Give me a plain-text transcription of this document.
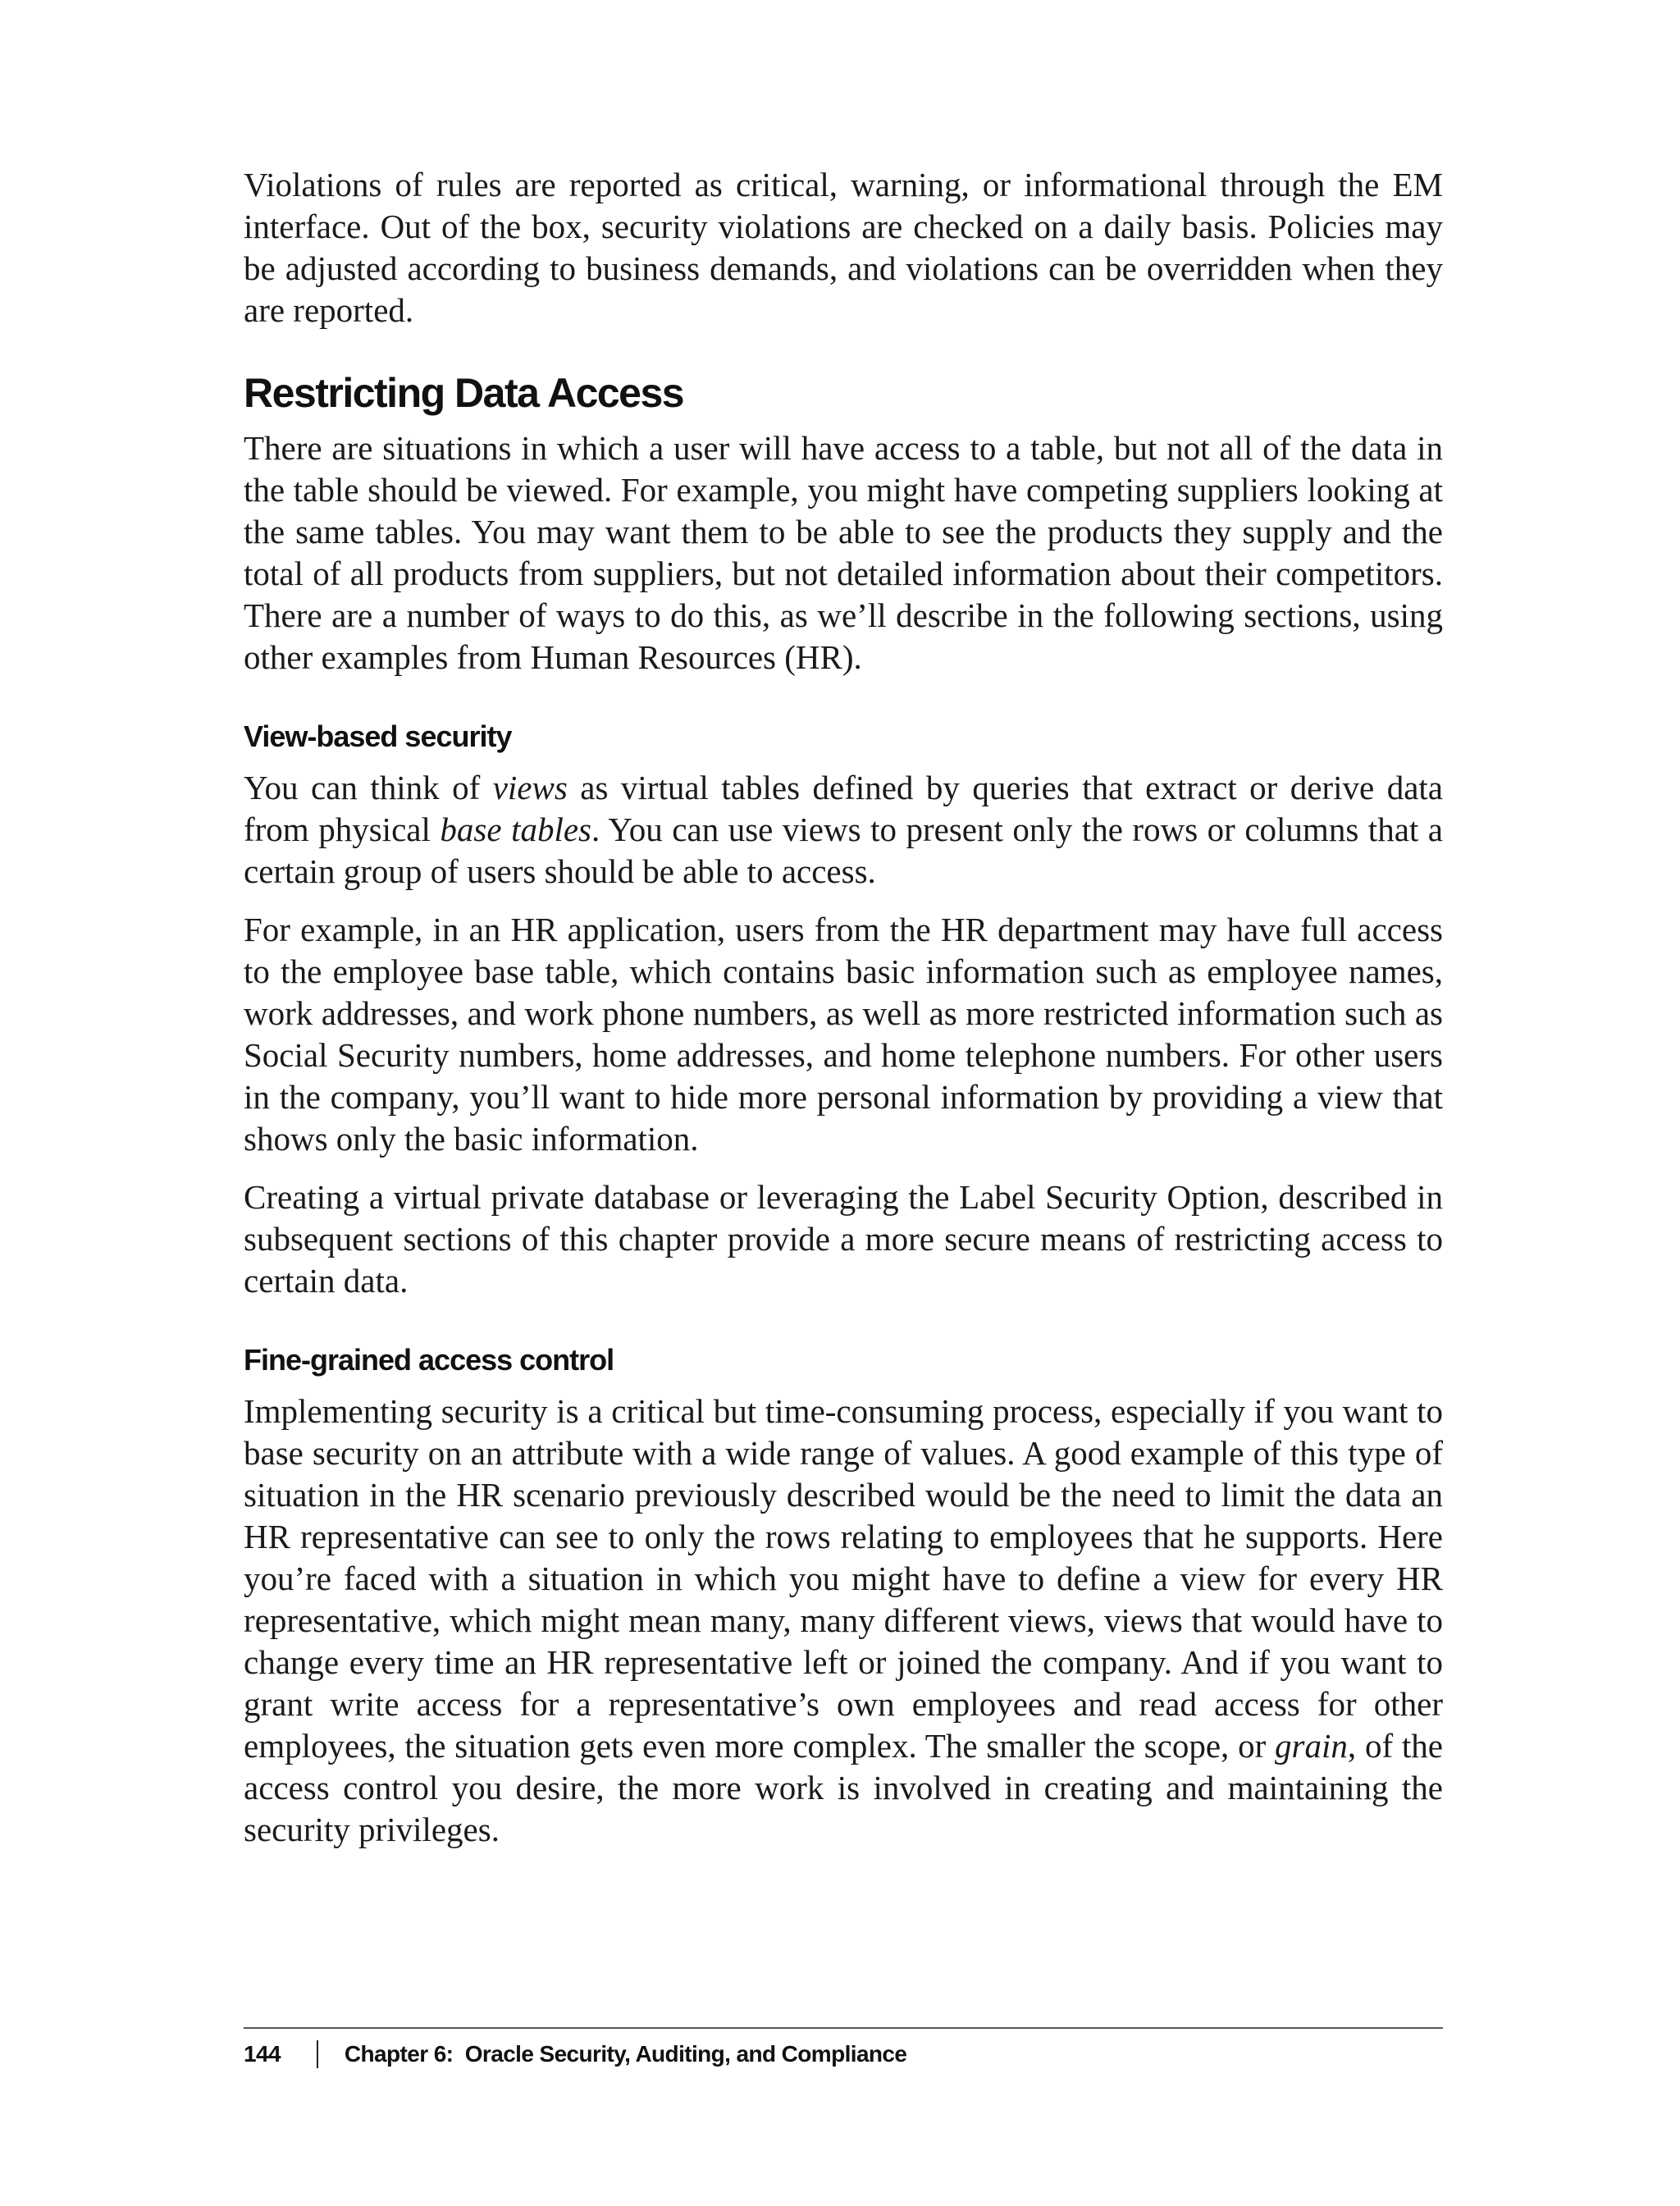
Violations of rules are reported as critical, warning, or informational through the EM interface. Out of the box, security violations are checked on a daily basis. Policies may be adjusted according to business demands, and violations can be overridden when they are reported.

Restricting Data Access

There are situations in which a user will have access to a table, but not all of the data in the table should be viewed. For example, you might have competing suppliers looking at the same tables. You may want them to be able to see the products they supply and the total of all products from suppliers, but not detailed information about their competitors. There are a number of ways to do this, as we’ll describe in the following sections, using other examples from Human Resources (HR).

View-based security

You can think of views as virtual tables defined by queries that extract or derive data from physical base tables. You can use views to present only the rows or columns that a certain group of users should be able to access.

For example, in an HR application, users from the HR department may have full access to the employee base table, which contains basic information such as employee names, work addresses, and work phone numbers, as well as more restricted information such as Social Security numbers, home addresses, and home telephone numbers. For other users in the company, you’ll want to hide more personal information by providing a view that shows only the basic information.

Creating a virtual private database or leveraging the Label Security Option, described in subsequent sections of this chapter provide a more secure means of restricting access to certain data.

Fine-grained access control

Implementing security is a critical but time-consuming process, especially if you want to base security on an attribute with a wide range of values. A good example of this type of situation in the HR scenario previously described would be the need to limit the data an HR representative can see to only the rows relating to employees that he supports. Here you’re faced with a situation in which you might have to define a view for every HR representative, which might mean many, many different views, views that would have to change every time an HR representative left or joined the company. And if you want to grant write access for a representative’s own employees and read access for other employees, the situation gets even more complex. The smaller the scope, or grain, of the access control you desire, the more work is involved in creating and maintaining the security privileges.

144	Chapter 6:  Oracle Security, Auditing, and Compliance
